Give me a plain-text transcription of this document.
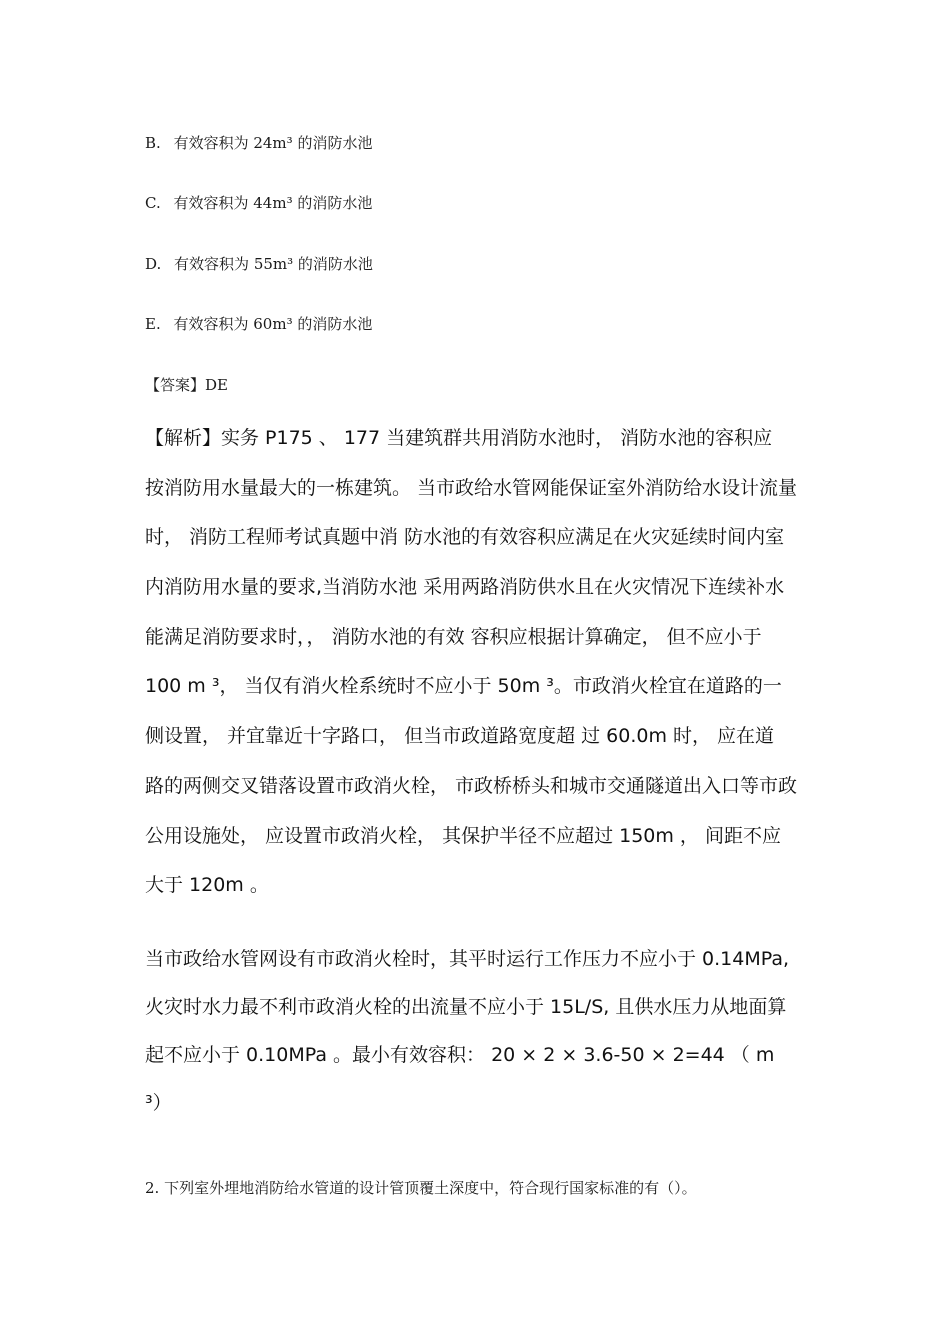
B. 有效容积为 24m³ 的消防水池
C. 有效容积为 44m³ 的消防水池
D. 有效容积为 55m³ 的消防水池
E. 有效容积为 60m³ 的消防水池
【答案】DE
【解析】实务 P175 、 177 当建筑群共用消防水池时， 消防水池的容积应
按消防用水量最大的一栋建筑。 当市政给水管网能保证室外消防给水设计流量
时， 消防工程师考试真题中消 防水池的有效容积应满足在火灾延续时间内室
内消防用水量的要求,当消防水池 采用两路消防供水且在火灾情况下连续补水
能满足消防要求时，， 消防水池的有效 容积应根据计算确定， 但不应小于
100 m ³， 当仅有消火栓系统时不应小于 50m ³。市政消火栓宜在道路的一
侧设置， 并宜靠近十字路口， 但当市政道路宽度超 过 60.0m 时， 应在道
路的两侧交叉错落设置市政消火栓， 市政桥桥头和城市交通隧道出入口等市政
公用设施处， 应设置市政消火栓， 其保护半径不应超过 150m ， 间距不应
大于 120m 。
当市政给水管网设有市政消火栓时，其平时运行工作压力不应小于 0.14MPa,
火灾时水力最不利市政消火栓的出流量不应小于 15L/S, 且供水压力从地面算
起不应小于 0.10MPa 。最小有效容积： 20 × 2 × 3.6-50 × 2=44 （ m
³）
2. 下列室外埋地消防给水管道的设计管顶覆土深度中，符合现行国家标准的有（）。
